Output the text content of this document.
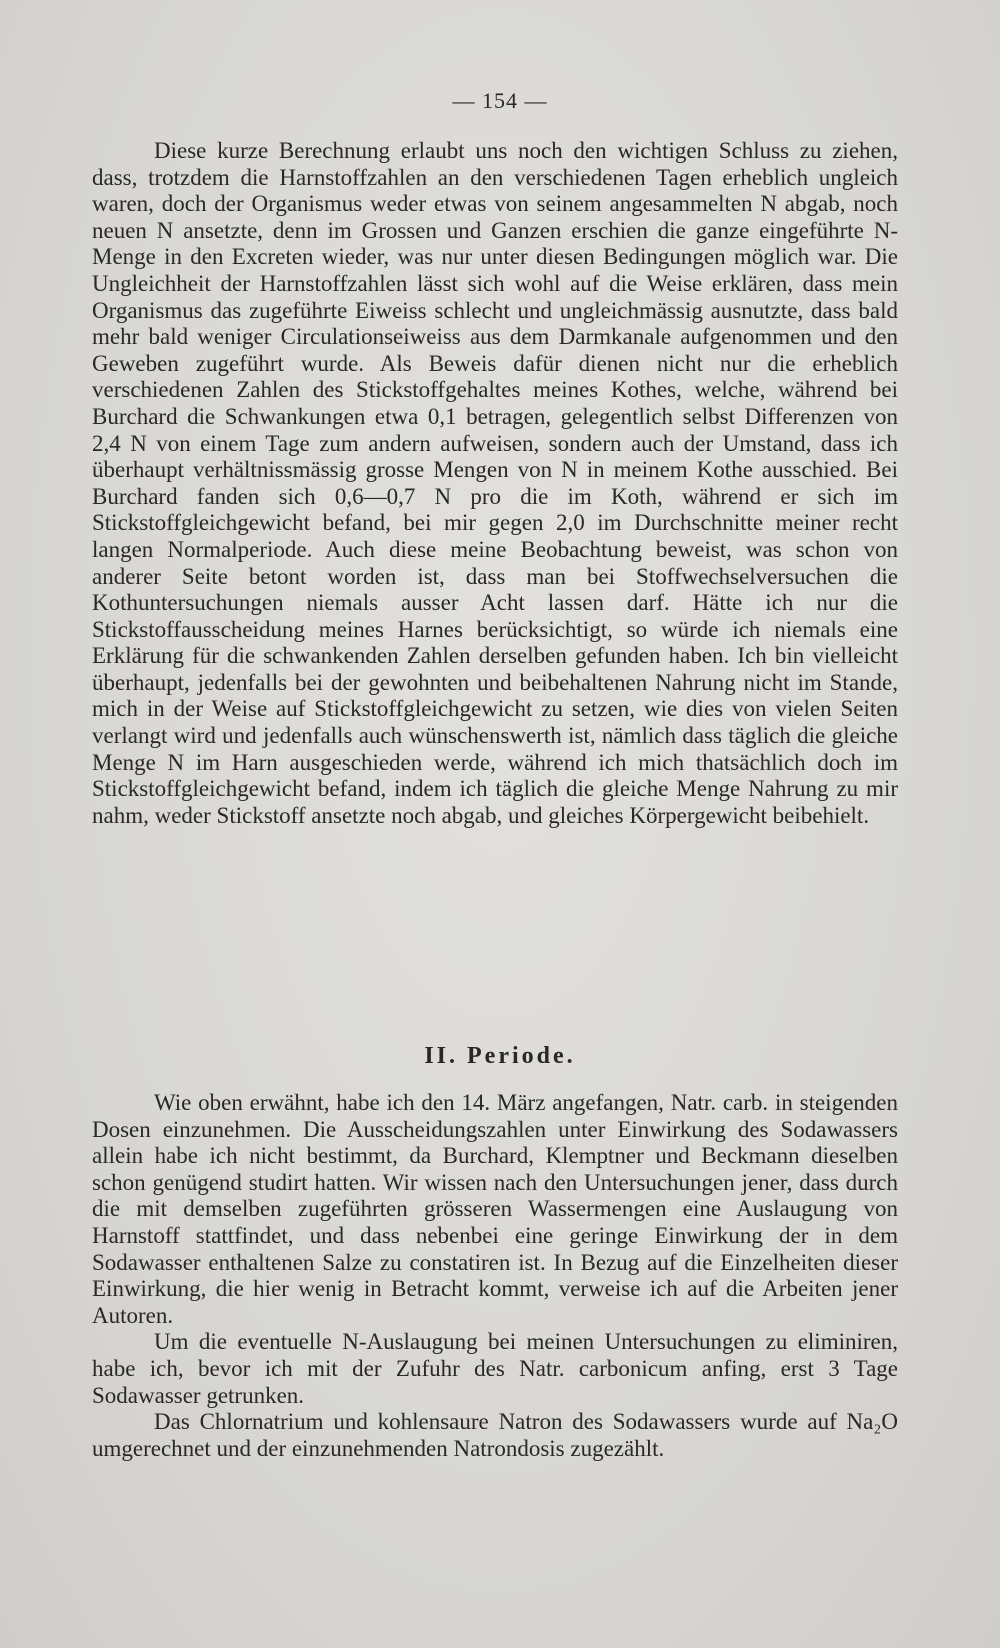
— 154 —

Diese kurze Berechnung erlaubt uns noch den wichtigen Schluss zu ziehen, dass, trotzdem die Harnstoffzahlen an den verschiedenen Tagen erheblich ungleich waren, doch der Organismus weder etwas von seinem angesammelten N abgab, noch neuen N ansetzte, denn im Grossen und Ganzen erschien die ganze eingeführte N-Menge in den Excreten wieder, was nur unter diesen Bedingungen möglich war. Die Ungleichheit der Harnstoffzahlen lässt sich wohl auf die Weise erklären, dass mein Organismus das zugeführte Eiweiss schlecht und ungleichmässig ausnutzte, dass bald mehr bald weniger Circulationseiweiss aus dem Darmkanale aufgenommen und den Geweben zugeführt wurde. Als Beweis dafür dienen nicht nur die erheblich verschiedenen Zahlen des Stickstoffgehaltes meines Kothes, welche, während bei Burchard die Schwankungen etwa 0,1 betragen, gelegentlich selbst Differenzen von 2,4 N von einem Tage zum andern aufweisen, sondern auch der Umstand, dass ich überhaupt verhältnissmässig grosse Mengen von N in meinem Kothe ausschied. Bei Burchard fanden sich 0,6—0,7 N pro die im Koth, während er sich im Stickstoffgleichgewicht befand, bei mir gegen 2,0 im Durchschnitte meiner recht langen Normalperiode. Auch diese meine Beobachtung beweist, was schon von anderer Seite betont worden ist, dass man bei Stoffwechselversuchen die Kothuntersuchungen niemals ausser Acht lassen darf. Hätte ich nur die Stickstoffausscheidung meines Harnes berücksichtigt, so würde ich niemals eine Erklärung für die schwankenden Zahlen derselben gefunden haben. Ich bin vielleicht überhaupt, jedenfalls bei der gewohnten und beibehaltenen Nahrung nicht im Stande, mich in der Weise auf Stickstoffgleichgewicht zu setzen, wie dies von vielen Seiten verlangt wird und jedenfalls auch wünschenswerth ist, nämlich dass täglich die gleiche Menge N im Harn ausgeschieden werde, während ich mich thatsächlich doch im Stickstoffgleichgewicht befand, indem ich täglich die gleiche Menge Nahrung zu mir nahm, weder Stickstoff ansetzte noch abgab, und gleiches Körpergewicht beibehielt.

II. Periode.

Wie oben erwähnt, habe ich den 14. März angefangen, Natr. carb. in steigenden Dosen einzunehmen. Die Ausscheidungszahlen unter Einwirkung des Sodawassers allein habe ich nicht bestimmt, da Burchard, Klemptner und Beckmann dieselben schon genügend studirt hatten. Wir wissen nach den Untersuchungen jener, dass durch die mit demselben zugeführten grösseren Wassermengen eine Auslaugung von Harnstoff stattfindet, und dass nebenbei eine geringe Einwirkung der in dem Sodawasser enthaltenen Salze zu constatiren ist. In Bezug auf die Einzelheiten dieser Einwirkung, die hier wenig in Betracht kommt, verweise ich auf die Arbeiten jener Autoren.

Um die eventuelle N-Auslaugung bei meinen Untersuchungen zu eliminiren, habe ich, bevor ich mit der Zufuhr des Natr. carbonicum anfing, erst 3 Tage Sodawasser getrunken.

Das Chlornatrium und kohlensaure Natron des Sodawassers wurde auf Na₂O umgerechnet und der einzunehmenden Natrondosis zugezählt.
